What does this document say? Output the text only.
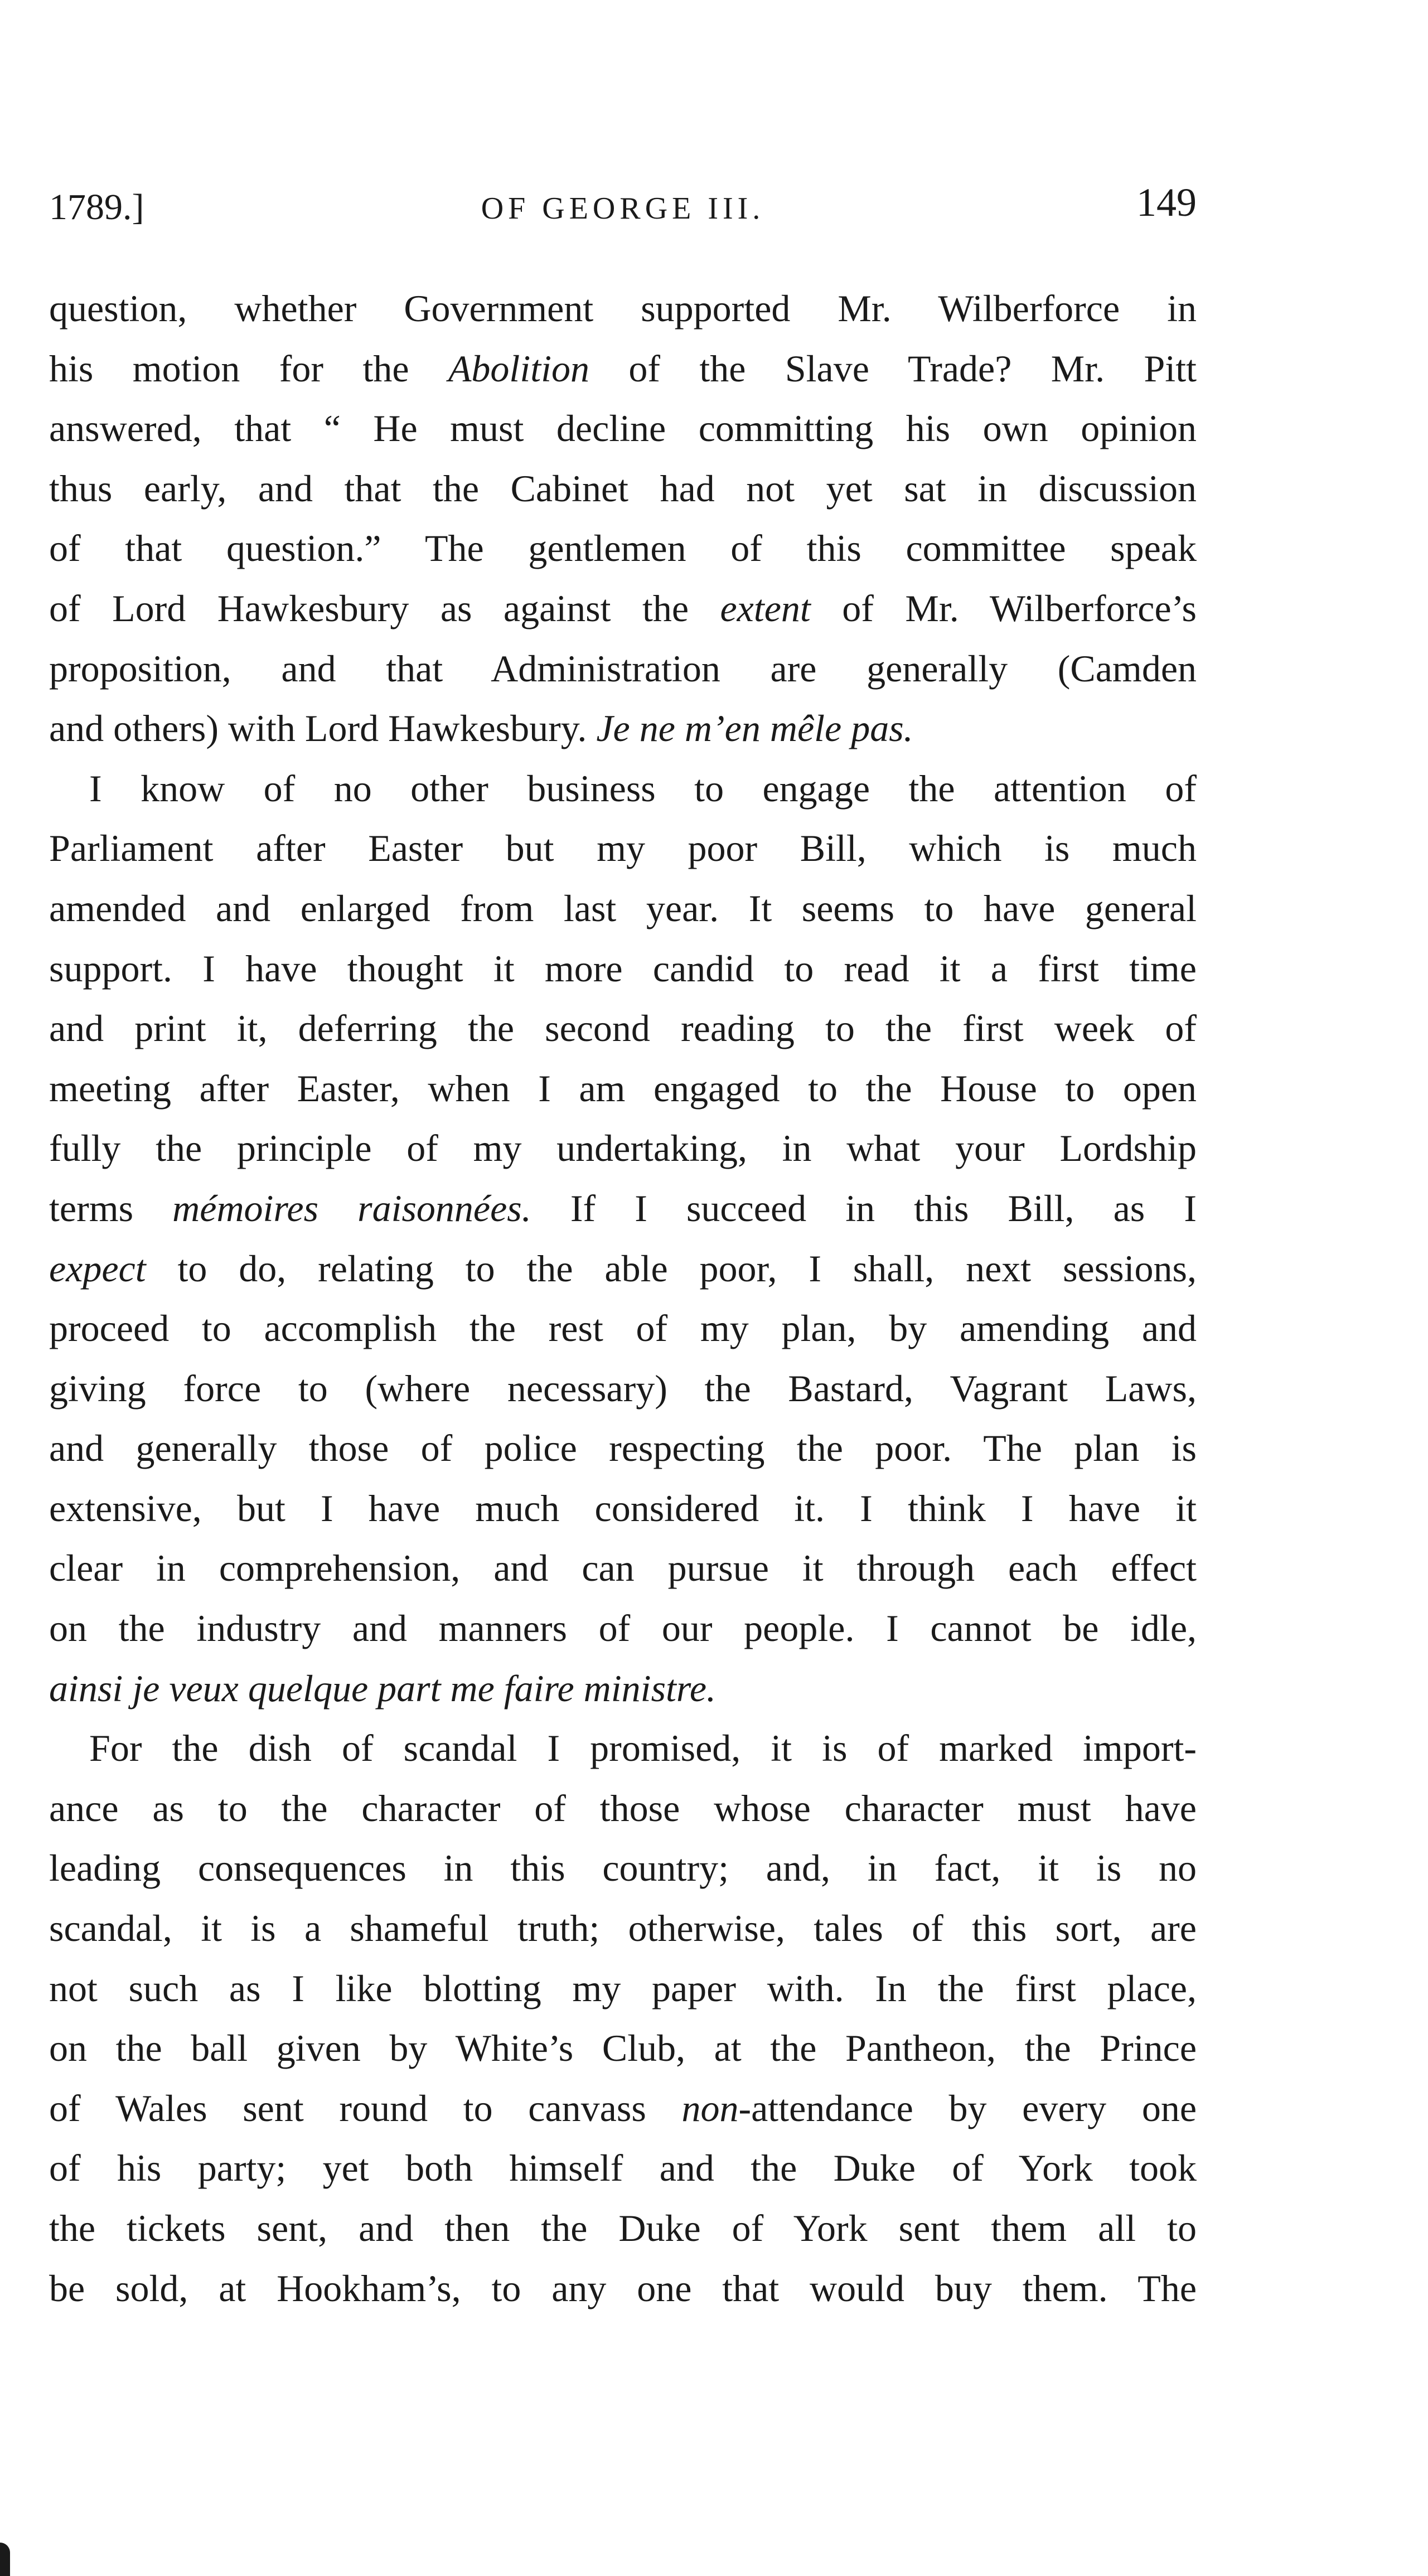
1789.]	OF GEORGE III.	149
question, whether Government supported Mr. Wilberforce in
his motion for the Abolition of the Slave Trade? Mr. Pitt
answered, that “ He must decline committing his own opinion
thus early, and that the Cabinet had not yet sat in discussion
of that question.” The gentlemen of this committee speak
of Lord Hawkesbury as against the extent of Mr. Wilberforce’s
proposition, and that Administration are generally (Camden
and others) with Lord Hawkesbury. Je ne m’en mêle pas.
I know of no other business to engage the attention of
Parliament after Easter but my poor Bill, which is much
amended and enlarged from last year. It seems to have general
support. I have thought it more candid to read it a first time
and print it, deferring the second reading to the first week of
meeting after Easter, when I am engaged to the House to open
fully the principle of my undertaking, in what your Lordship
terms mémoires raisonnées. If I succeed in this Bill, as I
expect to do, relating to the able poor, I shall, next sessions,
proceed to accomplish the rest of my plan, by amending and
giving force to (where necessary) the Bastard, Vagrant Laws,
and generally those of police respecting the poor. The plan is
extensive, but I have much considered it. I think I have it
clear in comprehension, and can pursue it through each effect
on the industry and manners of our people. I cannot be idle,
ainsi je veux quelque part me faire ministre.
For the dish of scandal I promised, it is of marked import-
ance as to the character of those whose character must have
leading consequences in this country; and, in fact, it is no
scandal, it is a shameful truth; otherwise, tales of this sort, are
not such as I like blotting my paper with. In the first place,
on the ball given by White’s Club, at the Pantheon, the Prince
of Wales sent round to canvass non-attendance by every one
of his party; yet both himself and the Duke of York took
the tickets sent, and then the Duke of York sent them all to
be sold, at Hookham’s, to any one that would buy them. The
